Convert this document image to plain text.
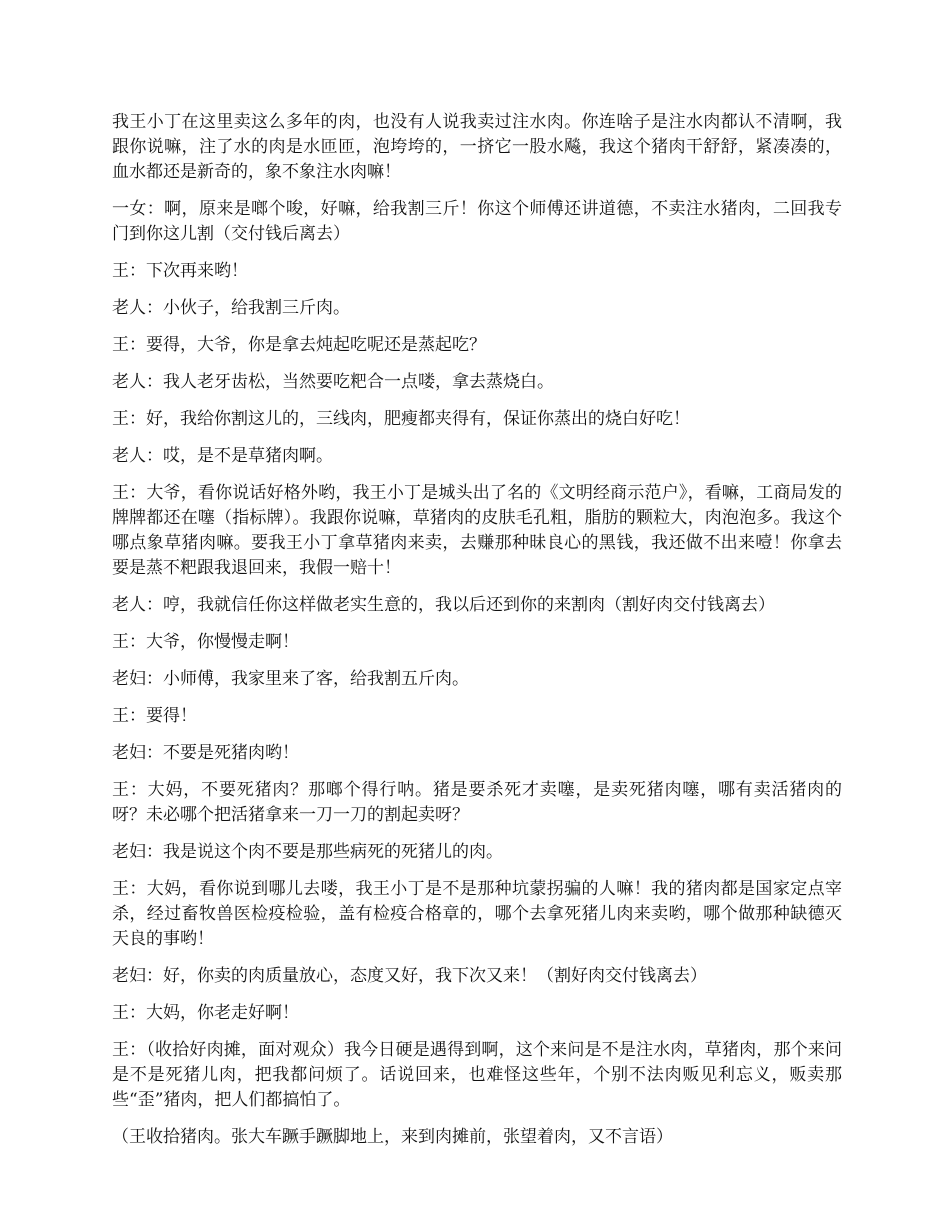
我王小丁在这里卖这么多年的肉，也没有人说我卖过注水肉。你连啥子是注水肉都认不清啊，我跟你说嘛，注了水的肉是水匝匝，泡垮垮的，一挤它一股水飚，我这个猪肉干舒舒，紧凑凑的，血水都还是新奇的，象不象注水肉嘛！

一女：啊，原来是啷个唆，好嘛，给我割三斤！你这个师傅还讲道德，不卖注水猪肉，二回我专门到你这儿割（交付钱后离去）

王：下次再来哟！

老人：小伙子，给我割三斤肉。

王：要得，大爷，你是拿去炖起吃呢还是蒸起吃？

老人：我人老牙齿松，当然要吃粑合一点喽，拿去蒸烧白。

王：好，我给你割这儿的，三线肉，肥瘦都夹得有，保证你蒸出的烧白好吃！

老人：哎，是不是草猪肉啊。

王：大爷，看你说话好格外哟，我王小丁是城头出了名的《文明经商示范户》，看嘛，工商局发的牌牌都还在噻（指标牌）。我跟你说嘛，草猪肉的皮肤毛孔粗，脂肪的颗粒大，肉泡泡多。我这个哪点象草猪肉嘛。要我王小丁拿草猪肉来卖，去赚那种昧良心的黑钱，我还做不出来噎！你拿去要是蒸不粑跟我退回来，我假一赔十！

老人：哼，我就信任你这样做老实生意的，我以后还到你的来割肉（割好肉交付钱离去）

王：大爷，你慢慢走啊！

老妇：小师傅，我家里来了客，给我割五斤肉。

王：要得！

老妇：不要是死猪肉哟！

王：大妈，不要死猪肉？那啷个得行呐。猪是要杀死才卖噻，是卖死猪肉噻，哪有卖活猪肉的呀？未必哪个把活猪拿来一刀一刀的割起卖呀？

老妇：我是说这个肉不要是那些病死的死猪儿的肉。

王：大妈，看你说到哪儿去喽，我王小丁是不是那种坑蒙拐骗的人嘛！我的猪肉都是国家定点宰杀，经过畜牧兽医检疫检验，盖有检疫合格章的，哪个去拿死猪儿肉来卖哟，哪个做那种缺德灭天良的事哟！

老妇：好，你卖的肉质量放心，态度又好，我下次又来！（割好肉交付钱离去）

王：大妈，你老走好啊！

王：（收拾好肉摊，面对观众）我今日硬是遇得到啊，这个来问是不是注水肉，草猪肉，那个来问是不是死猪儿肉，把我都问烦了。话说回来，也难怪这些年，个别不法肉贩见利忘义，贩卖那些“歪”猪肉，把人们都搞怕了。

（王收拾猪肉。张大车蹶手蹶脚地上，来到肉摊前，张望着肉，又不言语）
